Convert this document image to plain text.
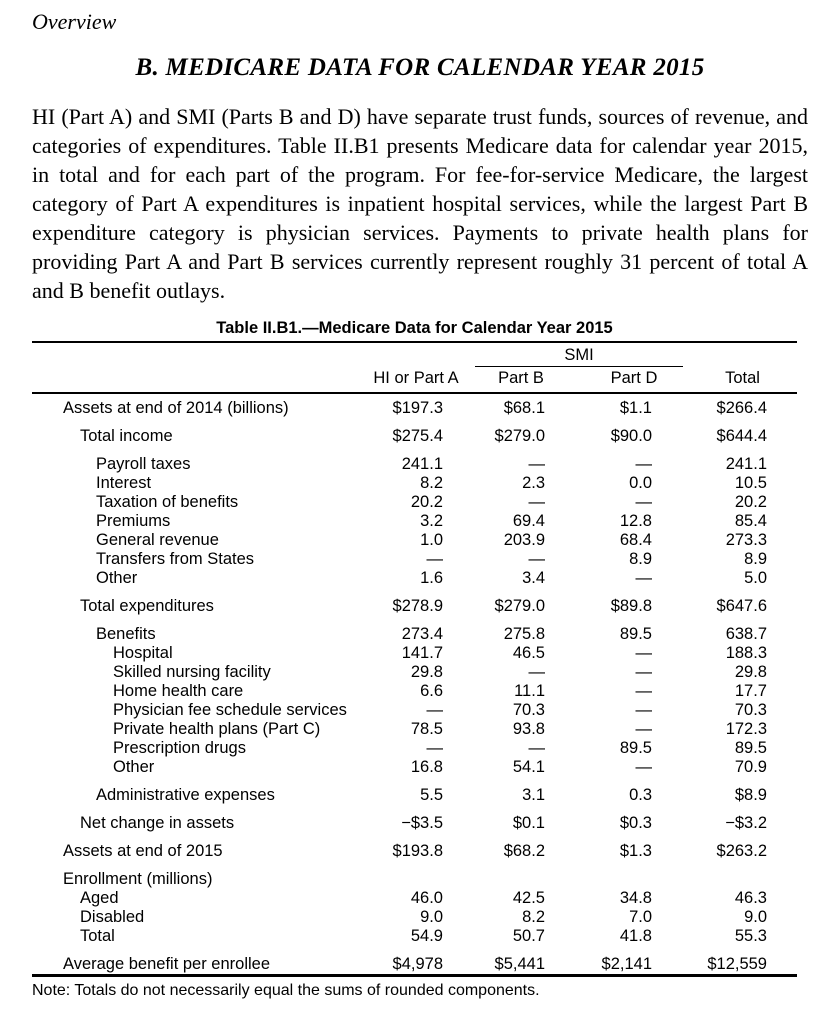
Overview
B. MEDICARE DATA FOR CALENDAR YEAR 2015

HI (Part A) and SMI (Parts B and D) have separate trust funds, sources of revenue, and categories of expenditures. Table II.B1 presents Medicare data for calendar year 2015, in total and for each part of the program. For fee-for-service Medicare, the largest category of Part A expenditures is inpatient hospital services, while the largest Part B expenditure category is physician services. Payments to private health plans for providing Part A and Part B services currently represent roughly 31 percent of total A and B benefit outlays.

Table II.B1.—Medicare Data for Calendar Year 2015

		SMI		

	HI or Part A	Part B	Part D	Total
Assets at end of 2014 (billions)	$197.3	$68.1	$1.1	$266.4
Total income	$275.4	$279.0	$90.0	$644.4
Payroll taxes	241.1	—	—	241.1
Interest	8.2	2.3	0.0	10.5
Taxation of benefits	20.2	—	—	20.2
Premiums	3.2	69.4	12.8	85.4
General revenue	1.0	203.9	68.4	273.3
Transfers from States	—	—	8.9	8.9
Other	1.6	3.4	—	5.0
Total expenditures	$278.9	$279.0	$89.8	$647.6
Benefits	273.4	275.8	89.5	638.7
Hospital	141.7	46.5	—	188.3
Skilled nursing facility	29.8	—	—	29.8
Home health care	6.6	11.1	—	17.7
Physician fee schedule services	—	70.3	—	70.3
Private health plans (Part C)	78.5	93.8	—	172.3
Prescription drugs	—	—	89.5	89.5
Other	16.8	54.1	—	70.9
Administrative expenses	5.5	3.1	0.3	$8.9
Net change in assets	−$3.5	$0.1	$0.3	−$3.2
Assets at end of 2015	$193.8	$68.2	$1.3	$263.2
Enrollment (millions)				
Aged	46.0	42.5	34.8	46.3
Disabled	9.0	8.2	7.0	9.0
Total	54.9	50.7	41.8	55.3
Average benefit per enrollee	$4,978	$5,441	$2,141	$12,559
Note: Totals do not necessarily equal the sums of rounded components.
